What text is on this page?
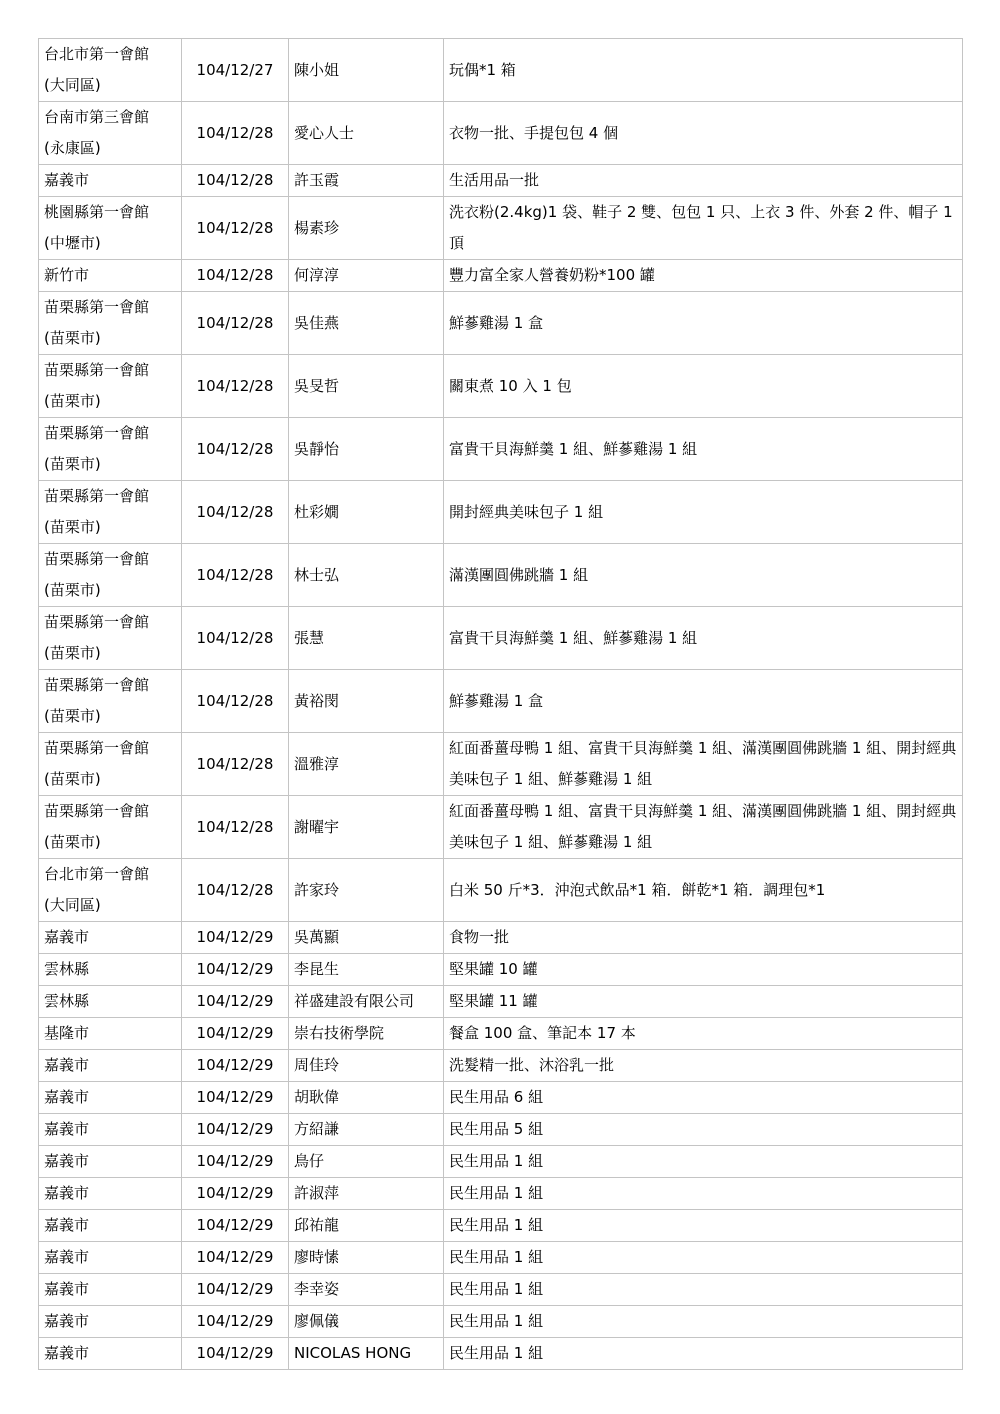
台北市第一會館
(大同區)	104/12/27	陳小姐	玩偶*1 箱

台南市第三會館
(永康區)	104/12/28	愛心人士	衣物一批、手提包包 4 個

嘉義市	104/12/28	許玉霞	生活用品一批

桃園縣第一會館
(中壢市)	104/12/28	楊素珍	洗衣粉(2.4kg)1 袋、鞋子 2 雙、包包 1 只、上衣 3 件、外套 2 件、帽子 1 頂

新竹市	104/12/28	何淳淳	豐力富全家人營養奶粉*100 罐

苗栗縣第一會館
(苗栗市)	104/12/28	吳佳燕	鮮蔘雞湯 1 盒

苗栗縣第一會館
(苗栗市)	104/12/28	吳旻哲	關東煮 10 入 1 包

苗栗縣第一會館
(苗栗市)	104/12/28	吳靜怡	富貴干貝海鮮羹 1 組、鮮蔘雞湯 1 組

苗栗縣第一會館
(苗栗市)	104/12/28	杜彩嫺	開封經典美味包子 1 組

苗栗縣第一會館
(苗栗市)	104/12/28	林士弘	滿漢團圓佛跳牆 1 組

苗栗縣第一會館
(苗栗市)	104/12/28	張慧	富貴干貝海鮮羹 1 組、鮮蔘雞湯 1 組

苗栗縣第一會館
(苗栗市)	104/12/28	黃裕閔	鮮蔘雞湯 1 盒

苗栗縣第一會館
(苗栗市)	104/12/28	溫雅淳	紅面番薑母鴨 1 組、富貴干貝海鮮羹 1 組、滿漢團圓佛跳牆 1 組、開封經典美味包子 1 組、鮮蔘雞湯 1 組

苗栗縣第一會館
(苗栗市)	104/12/28	謝曜宇	紅面番薑母鴨 1 組、富貴干貝海鮮羹 1 組、滿漢團圓佛跳牆 1 組、開封經典美味包子 1 組、鮮蔘雞湯 1 組

台北市第一會館
(大同區)	104/12/28	許家玲	白米 50 斤*3．沖泡式飲品*1 箱．餅乾*1 箱．調理包*1

嘉義市	104/12/29	吳萬顯	食物一批

雲林縣	104/12/29	李昆生	堅果罐 10 罐

雲林縣	104/12/29	祥盛建設有限公司	堅果罐 11 罐

基隆市	104/12/29	崇右技術學院	餐盒 100 盒、筆記本 17 本

嘉義市	104/12/29	周佳玲	洗髮精一批、沐浴乳一批

嘉義市	104/12/29	胡耿偉	民生用品 6 組

嘉義市	104/12/29	方紹謙	民生用品 5 組

嘉義市	104/12/29	鳥仔	民生用品 1 組

嘉義市	104/12/29	許淑萍	民生用品 1 組

嘉義市	104/12/29	邱祐龍	民生用品 1 組

嘉義市	104/12/29	廖時愫	民生用品 1 組

嘉義市	104/12/29	李幸姿	民生用品 1 組

嘉義市	104/12/29	廖佩儀	民生用品 1 組

嘉義市	104/12/29	NICOLAS HONG	民生用品 1 組
